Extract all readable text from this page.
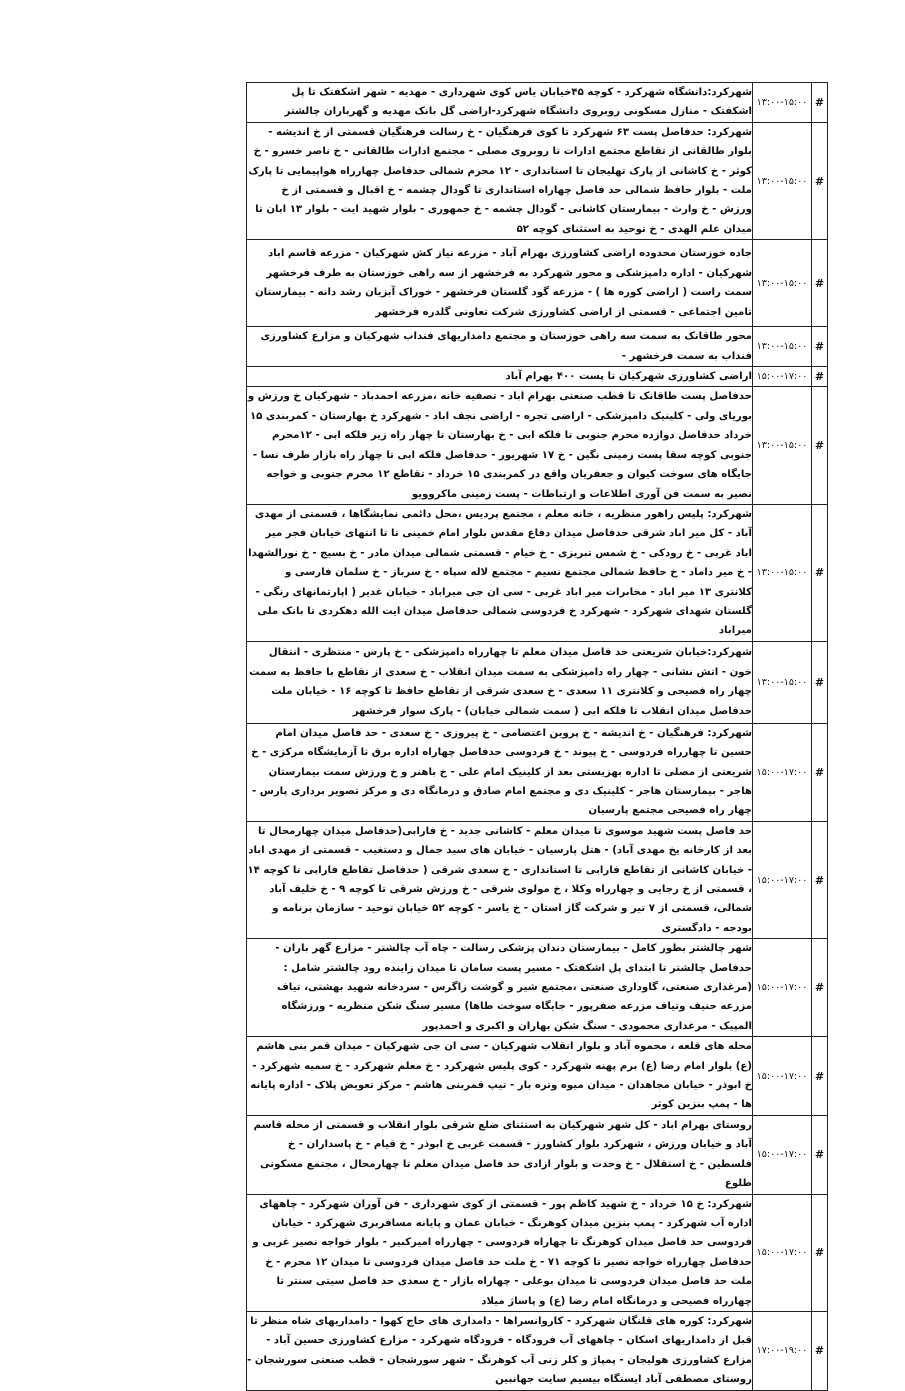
#	۱۳:۰۰-۱۵:۰۰	شهرکرد:دانشگاه شهرکرد - کوچه ۴۵خیابان یاس کوی شهرداری - مهدیه - شهر اشکفتک تا پل اشکفتک - منازل مسکونی روبروی دانشگاه شهرکرد-اراضی گل بانک مهدیه و گهرباران چالشتر
#	۱۳:۰۰-۱۵:۰۰	شهرکرد: حدفاصل پست ۶۳ شهرکرد تا کوی فرهنگیان - خ رسالت فرهنگیان قسمتی از خ اندیشه - بلوار طالقانی از تقاطع مجتمع ادارات تا روبروی مصلی - مجتمع ادارات طالقانی - خ ناصر خسرو - خ کوثر - خ کاشانی از پارک تهلیجان تا استانداری - ۱۲ محرم شمالی حدفاصل چهارراه هواپیمایی تا پارک ملت - بلوار حافظ شمالی حد فاصل چهاراه استانداری تا گودال چشمه - خ اقبال و قسمتی از خ ورزش - خ وارث - بیمارستان کاشانی - گودال چشمه - خ جمهوری - بلوار شهید ایت - بلوار ۱۳ ابان تا میدان علم الهدی - خ توحید به استثنای کوچه ۵۲
#	۱۳:۰۰-۱۵:۰۰	جاده خوزستان محدوده اراضی کشاورزی بهرام آباد - مزرعه نیاز کش شهرکیان - مزرعه قاسم اباد شهرکیان - اداره دامپزشکی و محور شهرکرد به فرخشهر از سه راهی خوزستان به طرف فرخشهر سمت راست ( اراضی کوره ها ) - مزرعه گود گلستان فرخشهر - خوراک آبزیان رشد دانه - بیمارستان تامین اجتماعی - قسمتی از اراضی کشاورزی شرکت تعاونی گلدره فرخشهر
#	۱۳:۰۰-۱۵:۰۰	محور طاقانک به سمت سه راهی خوزستان و مجتمع دامداریهای فنداب شهرکیان و مزارع کشاورزی فنداب به سمت فرخشهر -
#	۱۵:۰۰-۱۷:۰۰	اراضی کشاورزی شهرکیان تا پست ۴۰۰ بهرام آباد
#	۱۳:۰۰-۱۵:۰۰	حدفاصل پست طاقانک تا قطب صنعتی بهرام اباد - تصفیه خانه ،مزرعه احمدباد - شهرکیان خ ورزش و بوریای ولی - کلینیک دامپزشکی - اراضی تجره - اراضی نجف اباد - شهرکرد خ بهارستان - کمربندی ۱۵ خرداد حدفاصل دوازده محرم جنوبی تا فلکه ابی - خ بهارستان تا چهار راه زیر فلکه ابی - ۱۲محرم جنوبی کوچه سقا پست زمینی نگین - خ ۱۷ شهریور - حدفاصل فلکه ابی تا چهار راه بازار طرف نسا - جایگاه های سوخت کیوان و جعفریان واقع در کمربندی ۱۵ خرداد - تقاطع ۱۲ محرم جنوبی و خواجه نصیر به سمت فن آوری اطلاعات و ارتباطات - پست زمینی ماکروویو
#	۱۳:۰۰-۱۵:۰۰	شهرکرد: پلیس راهور منظریه ، خانه معلم ، مجتمع پردیس ،محل دائمی نمایشگاها ، قسمتی از مهدی آباد - کل میر اباد شرقی حدفاصل میدان دفاع مقدس بلوار امام خمینی تا تا انتهای خیابان فجر میر اباد غربی - خ رودکی - خ شمس تبریزی - خ خیام - قسمتی شمالی میدان مادر - خ بسیج - خ نورالشهدا - خ میر داماد - خ حافظ شمالی مجتمع نسیم - مجتمع لاله سپاه - خ سرباز - خ سلمان فارسی و کلانتری ۱۳ میر اباد - مخابرات میر اباد غربی - سی ان جی میراباد - خیابان غدیر ( اپارتمانهای رنگی - گلستان شهدای شهرکرد - شهرکرد خ فردوسی شمالی حدفاصل میدان ایت الله دهکردی تا بانک ملی میراباد
#	۱۳:۰۰-۱۵:۰۰	شهرکرد:خیابان شریعتی حد فاصل میدان معلم تا چهارراه دامپزشکی - خ پارس - منتظری - انتقال خون - اتش نشانی - چهار راه دامپزشکی به سمت میدان انقلاب - خ سعدی از تقاطع با حافظ به سمت چهار راه فصیحی و کلانتری ۱۱ سعدی - خ سعدی شرقی از تقاطع حافظ تا کوچه ۱۶ - خیابان ملت حدفاصل میدان انقلاب تا فلکه ابی ( سمت شمالی خیابان) - پارک سوار فرخشهر
#	۱۵:۰۰-۱۷:۰۰	شهرکرد: فرهنگیان - خ اندیشه - خ پروین اعتصامی - خ پیروزی - خ سعدی - حد فاصل میدان امام حسین تا چهارراه فردوسی - خ پیوند - خ فردوسی حدفاصل چهاراه اداره برق تا آزمایشگاه مرکزی - خ شریعتی از مصلی تا اداره بهزیستی بعد از کلینیک امام علی - خ باهنر و خ ورزش سمت بیمارستان هاجر - بیمارستان هاجر - کلینیک دی و مجتمع امام صادق و درمانگاه دی و مرکز تصویر برداری پارس - چهار راه فصیحی مجتمع پارسیان
#	۱۵:۰۰-۱۷:۰۰	حد فاصل پست شهید موسوی تا میدان معلم - کاشانی جدید - خ فارابی(حدفاصل میدان چهارمحال تا بعد از کارخانه یخ مهدی آباد) - هتل پارسیان - خیابان های سید جمال و دستغیب - قسمتی از مهدی اباد - خیابان کاشانی از تقاطع فارابی تا استانداری - خ سعدی شرقی ( حدفاصل تقاطع فارابی تا کوچه ۱۴ ، قسمتی از خ رجایی و چهارراه وکلا ، خ مولوی شرقی - خ ورزش شرقی تا کوچه ۹ - خ خلیف آباد شمالی، قسمتی از ۷ تیر و شرکت گاز استان - خ یاسر - کوچه ۵۲ خیابان توحید - سازمان برنامه و بودجه - دادگستری
#	۱۵:۰۰-۱۷:۰۰	شهر چالشتر بطور کامل - بیمارستان دندان پزشکی رسالت - چاه آب چالشتر - مزارع گهر باران - حدفاصل چالشتر تا ابتدای پل اشکفتک - مسیر پست سامان تا میدان زاینده رود چالشتر شامل :(مرغداری صنعتی، گاوداری صنعتی ،مجتمع شیر و گوشت زاگرس - سردخانه شهید بهشتی، تیاف مزرعه حنیف وتیاف مزرعه صفرپور - جایگاه سوخت طاها) مسیر سنگ شکن منظریه - ورزشگاه المپیک - مرغداری محمودی - سنگ شکن بهاران و اکبری و احمدپور
#	۱۵:۰۰-۱۷:۰۰	محله های قلعه ، محموه آباد و بلوار انقلاب شهرکیان - سی ان جی شهرکیان - میدان قمر بنی هاشم (ع) بلوار امام رضا (ع) برم پهنه شهرکرد - کوی پلیس شهرکرد - خ معلم شهرکرد - خ سمیه شهرکرد - خ ابوذر - خیابان مجاهدان - میدان میوه وتره بار - تیپ قمربنی هاشم - مرکز تعویض پلاک - اداره پایانه ها - پمپ بنزین کوثر
#	۱۵:۰۰-۱۷:۰۰	روستای بهرام اباد - کل شهر شهرکیان به استثنای ضلع شرقی بلوار انقلاب و قسمتی از محله قاسم آباد و خیابان ورزش ، شهرکرد بلوار کشاورز - قسمت غربی خ ابوذر - خ قیام - خ پاسداران - خ فلسطین - خ استقلال - خ وحدت و بلوار ازادی حد فاصل میدان معلم تا چهارمحال ، مجتمع مسکونی طلوع
#	۱۵:۰۰-۱۷:۰۰	شهرکرد: خ ۱۵ خرداد - خ شهید کاظم پور - قسمتی از کوی شهرداری - فن آوران شهرکرد - چاههای اداره آب شهرکرد - پمپ بنزین میدان کوهرنگ - خیابان عمان و پایانه مسافربری شهرکرد - خیابان فردوسی حد فاصل میدان کوهرنگ تا چهاراه فردوسی - چهارراه امیرکبیر - بلوار خواجه نصیر غربی و حدفاصل چهارراه خواجه نصیر تا کوچه ۷۱ - خ ملت حد فاصل میدان فردوسی تا میدان ۱۲ محرم - خ ملت حد فاصل میدان فردوسی تا میدان بوعلی - چهاراه بازار - خ سعدی حد فاصل سیتی سنتر تا چهارراه فصیحی و درمانگاه امام رضا (ع) و پاساژ میلاد
#	۱۷:۰۰-۱۹:۰۰	شهرکرد: کوره های قلنگان شهرکرد - کاروانسراها - دامداری های حاج کهوا - دامداریهای شاه منظر تا قبل از دامداریهای اسکان - چاههای آب فرودگاه - فرودگاه شهرکرد - مزارع کشاورزی حسین آباد - مزارع کشاورزی هولیجان - پمپاژ و کلر زنی آب کوهرنگ - شهر سورشجان - قطب صنعتی سورشجان - روستای مصطفی آباد ایستگاه بیسیم سایت جهانبین
